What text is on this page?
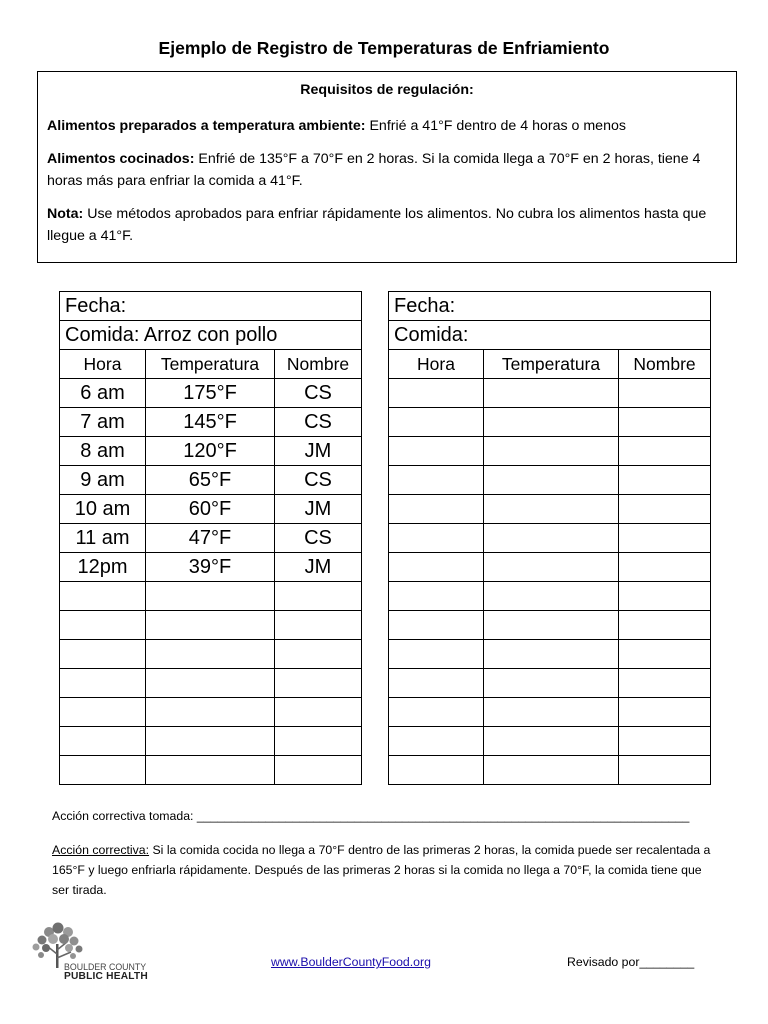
Ejemplo de Registro de Temperaturas de Enfriamiento
Requisitos de regulación:

Alimentos preparados a temperatura ambiente: Enfrié a 41°F dentro de 4 horas o menos

Alimentos cocinados: Enfrié de 135°F a 70°F en 2 horas. Si la comida llega a 70°F en 2 horas, tiene 4 horas más para enfriar la comida a 41°F.

Nota: Use métodos aprobados para enfriar rápidamente los alimentos. No cubra los alimentos hasta que llegue a 41°F.

Fecha:		
Comida: Arroz con pollo		
Hora	Temperatura	Nombre
6 am	175°F	CS
7 am	145°F	CS
8 am	120°F	JM
9 am	65°F	CS
10 am	60°F	JM
11 am	47°F	CS
12pm	39°F	JM

Fecha:		
Comida:		
Hora	Temperatura	Nombre

Acción correctiva tomada: ________________________________________________________________________
Acción correctiva: Si la comida cocida no llega a 70°F dentro de las primeras 2 horas, la comida puede ser recalentada a 165°F y luego enfriarla rápidamente. Después de las primeras 2 horas si la comida no llega a 70°F, la comida tiene que ser tirada.
BOULDER COUNTY
PUBLIC HEALTH
www.BoulderCountyFood.org	Revisado por________
